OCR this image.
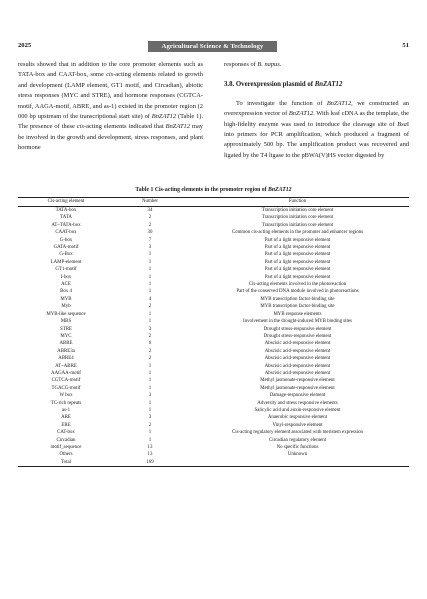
2025	Agricultural Science & Technology	51

results showed that in addition to the core promoter elements such as TATA-box and CAAT-box, some cis-acting elements related to growth and development (LAMP element, GT1 motif, and Circadian), abiotic stress responses (MYC and STRE), and hormone responses (CGTCA-motif, AAGA-motif, ABRE, and as-1) existed in the promoter region (2 000 bp upstream of the transcriptional start site) of BnZAT12 (Table 1). The presence of these cis-acting elements indicated that BnZAT12 may be involved in the growth and development, stress responses, and plant hormone

responses of B. napus.

3.8. Overexpression plasmid of BnZAT12

To investigate the function of BnZAT12, we constructed an overexpression vector of BnZAT12. With leaf cDNA as the template, the high-fidelity enzyme was used to introduce the cleavage site of BsaI into primers for PCR amplification, which produced a fragment of approximately 500 bp. The amplification product was recovered and ligated by the T4 ligase to the pBWA(V)HS vector digested by

Table 1 Cis-acting elements in the promoter region of BnZAT12
Cis-acting element	Number	Function
TATA-box	34	Transcription initiation core element
TATA	2	Transcription initiation core element
AT~TATA-box	2	Transcription initiation core element
CAAT-box	30	Common cis-acting elements in the promoter and enhancer regions
G-box	7	Part of a light responsive element
GATA-motif	3	Part of a light responsive element
G-Box	1	Part of a light responsive element
LAMP-element	1	Part of a light responsive element
GT1-motif	1	Part of a light responsive element
I-box	1	Part of a light responsive element
ACE	1	Cis-acting elements involved in the photoreaction
Box 4	1	Part of the conserved DNA module involved in photoreactions
MYB	4	MYB transcription factor-binding site
Myb	2	MYB transcription factor-binding site
MYB-like sequence	1	MYB response elements
MBS	1	Involvement in the drought-induced MYB binding sites
STRE	3	Drought stress-responsive element
MYC	2	Drought stress-responsive element
ABRE	6	Abscisic acid-responsive element
ABRE3a	2	Abscisic acid-responsive element
ABRE4	2	Abscisic acid-responsive element
AT~ABRE	1	Abscisic acid-responsive element
AAGAA-motif	1	Abscisic acid-responsive element
CGTCA-motif	1	Methyl jasmonate-responsive element
TGACG-motif	1	Methyl jasmonate-responsive element
W box	3	Damage-responsive element
TC-rich repeats	1	Adversity and stress responsive elements
as-1	1	Salicylic acid and auxin-responsive element
ARE	3	Anaerobic responsive element
ERE	2	Vinyl-responsive element
CAT-box	1	Cis-acting regulatory element associated with meristem expression
Circadian	1	Circadian regulatory element
motif_sequence	13	No specific functions
Others	13	Unknown
Total	169	
